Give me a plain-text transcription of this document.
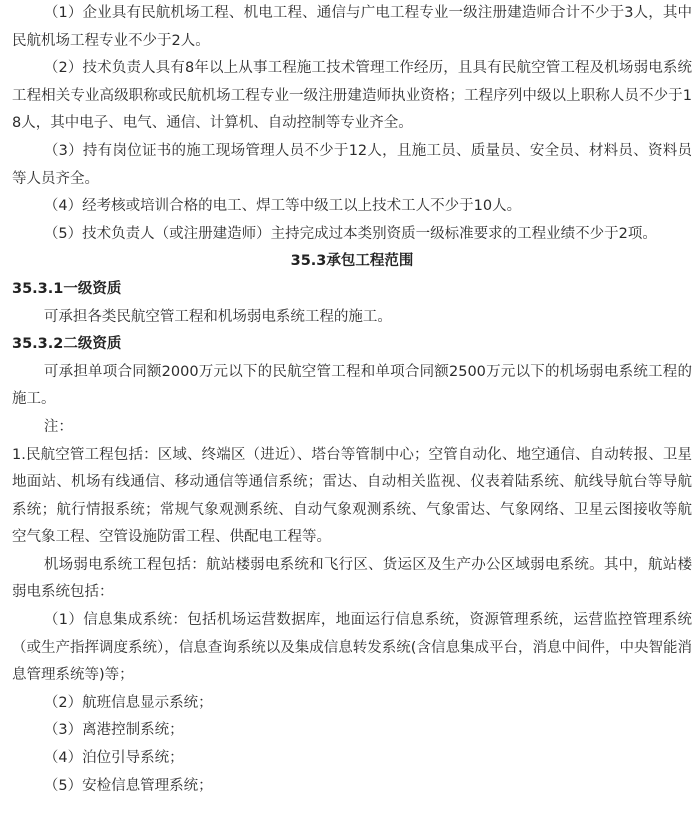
（1）企业具有民航机场工程、机电工程、通信与广电工程专业一级注册建造师合计不少于3人，其中民航机场工程专业不少于2人。

（2）技术负责人具有8年以上从事工程施工技术管理工作经历，且具有民航空管工程及机场弱电系统工程相关专业高级职称或民航机场工程专业一级注册建造师执业资格；工程序列中级以上职称人员不少于18人，其中电子、电气、通信、计算机、自动控制等专业齐全。

（3）持有岗位证书的施工现场管理人员不少于12人，且施工员、质量员、安全员、材料员、资料员等人员齐全。

（4）经考核或培训合格的电工、焊工等中级工以上技术工人不少于10人。

（5）技术负责人（或注册建造师）主持完成过本类别资质一级标准要求的工程业绩不少于2项。

35.3承包工程范围

35.3.1一级资质

可承担各类民航空管工程和机场弱电系统工程的施工。

35.3.2二级资质

可承担单项合同额2000万元以下的民航空管工程和单项合同额2500万元以下的机场弱电系统工程的施工。

注：

1.民航空管工程包括：区域、终端区（进近）、塔台等管制中心；空管自动化、地空通信、自动转报、卫星地面站、机场有线通信、移动通信等通信系统；雷达、自动相关监视、仪表着陆系统、航线导航台等导航系统；航行情报系统；常规气象观测系统、自动气象观测系统、气象雷达、气象网络、卫星云图接收等航空气象工程、空管设施防雷工程、供配电工程等。

机场弱电系统工程包括：航站楼弱电系统和飞行区、货运区及生产办公区域弱电系统。其中，航站楼弱电系统包括：

（1）信息集成系统：包括机场运营数据库，地面运行信息系统，资源管理系统，运营监控管理系统（或生产指挥调度系统），信息查询系统以及集成信息转发系统(含信息集成平台，消息中间件，中央智能消息管理系统等)等；

（2）航班信息显示系统；

（3）离港控制系统；

（4）泊位引导系统；

（5）安检信息管理系统；
